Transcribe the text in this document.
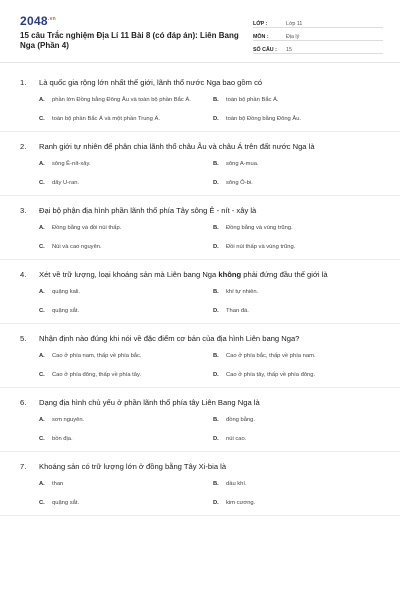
$2048^{.vn}$
15 câu Trắc nghiệm Địa Lí 11 Bài 8 (có đáp án): Liên Bang Nga (Phần 4)
LỚP :	Lớp 11
MÔN :	Địa lý
SỐ CÂU :	15
1.	Là quốc gia rộng lớn nhất thế giới, lãnh thổ nước Nga bao gồm có
A.	phần lớn Đồng bằng Đông Âu và toàn bộ phần Bắc Á.	B.	toàn bộ phần Bắc Á.
C.	toàn bộ phần Bắc Á và một phần Trung Á.	D.	toàn bộ Đồng bằng Đông Âu.
2.	Ranh giới tự nhiên để phân chia lãnh thổ châu Âu và châu Á trên đất nước Nga là
A.	sông Ê-nít-xây.	B.	sông A-mua.
C.	dãy U-ran.	D.	sông Ô-bi.
3.	Đại bộ phận địa hình phần lãnh thổ phía Tây sông Ê - nít - xây là
A.	Đồng bằng và đồi núi thấp.	B.	Đồng bằng và vùng trũng.
C.	Núi và cao nguyên.	D.	Đồi núi thấp và vùng trũng.
4.	Xét về trữ lượng, loại khoáng sản mà Liên bang Nga không phải đứng đầu thế giới là
A.	quặng kali.	B.	khí tự nhiên.
C.	quặng sắt.	D.	Than đá.
5.	Nhận định nào đúng khi nói về đặc điểm cơ bản của địa hình Liên bang Nga?
A.	Cao ở phía nam, thấp về phía bắc.	B.	Cao ở phía bắc, thấp về phía nam.
C.	Cao ở phía đông, thấp về phía tây.	D.	Cao ở phía tây, thấp về phía đông.
6.	Dạng địa hình chủ yếu ở phần lãnh thổ phía tây Liên Bang Nga là
A.	sơn nguyên.	B.	đồng bằng.
C.	bồn địa.	D.	núi cao.
7.	Khoáng sản có trữ lượng lớn ở đồng bằng Tây Xi-bia là
A.	than	B.	dầu khí.
C.	quặng sắt.	D.	kim cương.
